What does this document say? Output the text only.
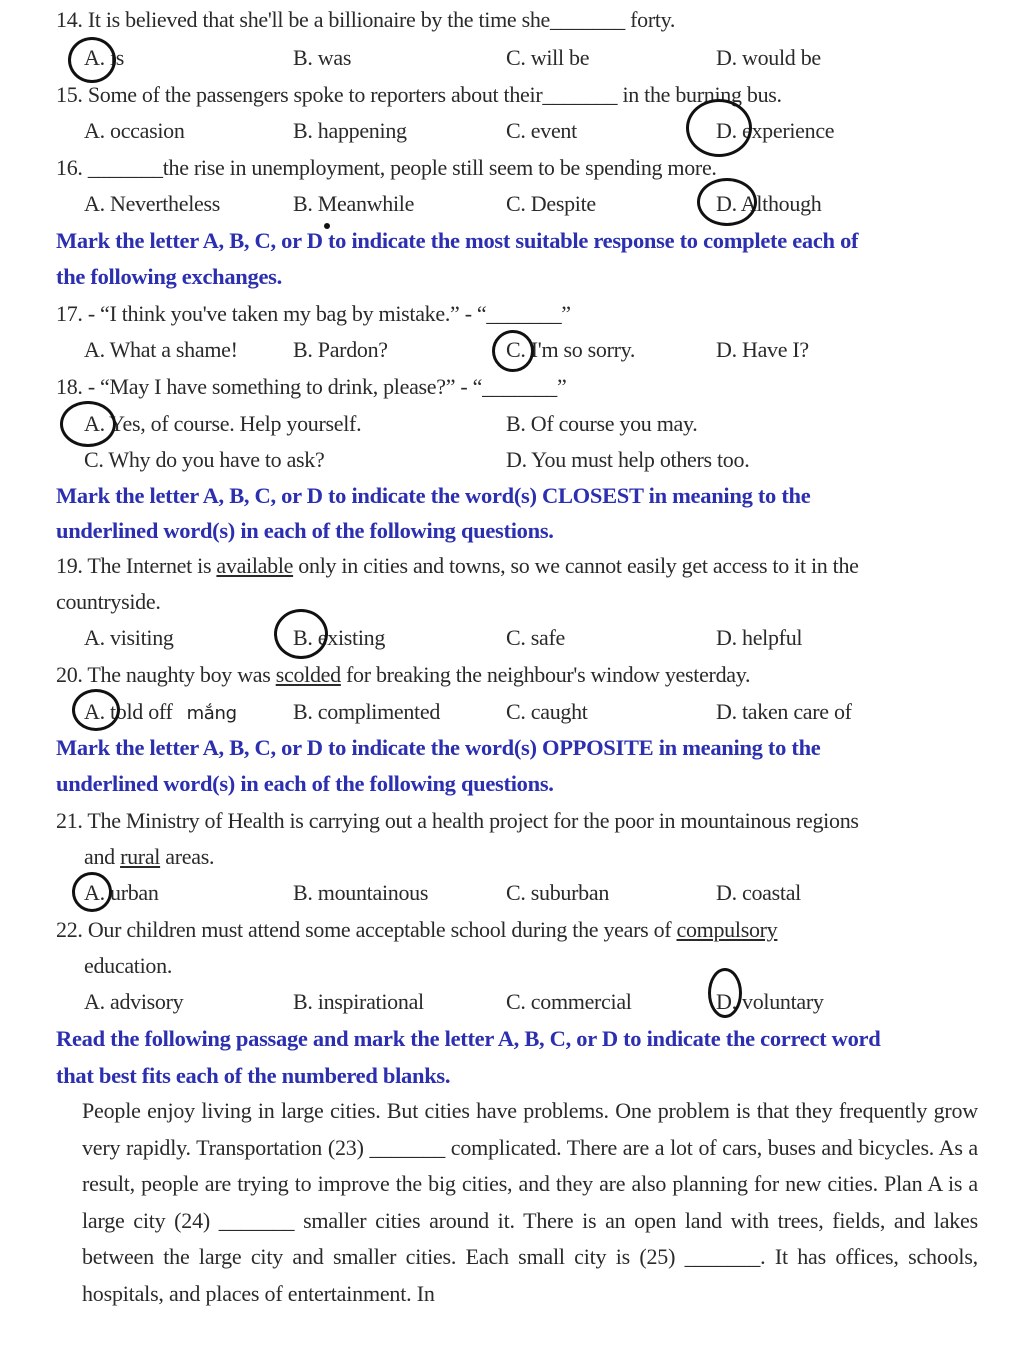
14. It is believed that she'll be a billionaire by the time she_______ forty.
A. is	B. was	C. will be	D. would be
15. Some of the passengers spoke to reporters about their_______ in the burning bus.
A. occasion	B. happening	C. event	D. experience
16. _______the rise in unemployment, people still seem to be spending more.
A. Nevertheless	B. Meanwhile	C. Despite	D. Although
Mark the letter A, B, C, or D to indicate the most suitable response to complete each of
the following exchanges.
17. - “I think you've taken my bag by mistake.” - “_______”
A. What a shame!	B. Pardon?	C. I'm so sorry.	D. Have I?
18. - “May I have something to drink, please?” - “_______”
A. Yes, of course. Help yourself.	B. Of course you may.
C. Why do you have to ask?	D. You must help others too.
Mark the letter A, B, C, or D to indicate the word(s) CLOSEST in meaning to the
underlined word(s) in each of the following questions.
19. The Internet is available only in cities and towns, so we cannot easily get access to it in the
countryside.
A. visiting	B. existing	C. safe	D. helpful
20. The naughty boy was scolded for breaking the neighbour's window yesterday.
A. told off mắng	B. complimented	C. caught	D. taken care of
Mark the letter A, B, C, or D to indicate the word(s) OPPOSITE in meaning to the
underlined word(s) in each of the following questions.
21. The Ministry of Health is carrying out a health project for the poor in mountainous regions
and rural areas.
A. urban	B. mountainous	C. suburban	D. coastal
22. Our children must attend some acceptable school during the years of compulsory
education.
A. advisory	B. inspirational	C. commercial	D. voluntary
Read the following passage and mark the letter A, B, C, or D to indicate the correct word
that best fits each of the numbered blanks.
People enjoy living in large cities. But cities have problems. One problem is that they frequently grow very rapidly. Transportation (23) _______ complicated. There are a lot of cars, buses and bicycles. As a result, people are trying to improve the big cities, and they are also planning for new cities. Plan A is a large city (24) _______ smaller cities around it. There is an open land with trees, fields, and lakes between the large city and smaller cities. Each small city is (25) _______. It has offices, schools, hospitals, and places of entertainment. In
